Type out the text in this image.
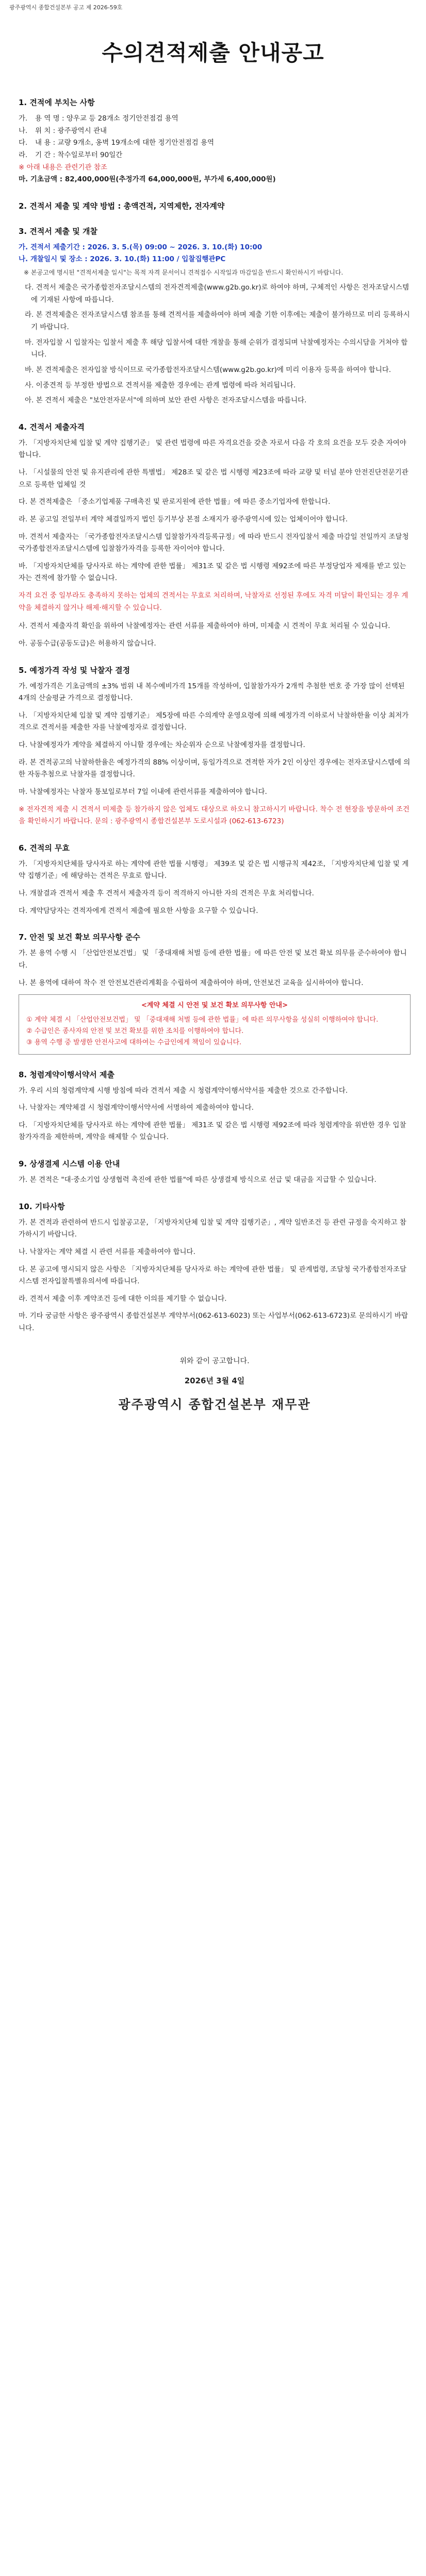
광주광역시 종합건설본부 공고 제 2026-59호
수의견적제출 안내공고
1. 견적에 부치는 사항

가. 용 역 명 : 양우교 등 28개소 정기안전점검 용역

나. 위 치 : 광주광역시 관내

다. 내 용 : 교량 9개소, 옹벽 19개소에 대한 정기안전점검 용역

라. 기 간 : 착수일로부터 90일간

※ 아래 내용은 관련기관 참조

마. 기초금액 : 82,400,000원(추정가격 64,000,000원, 부가세 6,400,000원)

2. 견적서 제출 및 계약 방법 : 총액견적, 지역제한, 전자계약
3. 견적서 제출 및 개찰

가. 견적서 제출기간 : 2026. 3. 5.(목) 09:00 ~ 2026. 3. 10.(화) 10:00

나. 개찰일시 및 장소 : 2026. 3. 10.(화) 11:00 / 입찰집행관PC

※ 본공고에 명시된 "견적서제출 일시"는 목적 자격 문서이니 견적접수 시작일과 마감일을 반드시 확인하시기 바랍니다.

다. 견적서 제출은 국가종합전자조달시스템의 전자견적제출(www.g2b.go.kr)로 하여야 하며, 구체적인 사항은 전자조달시스템에 기재된 사항에 따릅니다.

라. 본 견적제출은 전자조달시스템 참조를 통해 견적서를 제출하여야 하며 제출 기한 이후에는 제출이 불가하므로 미리 등록하시기 바랍니다.

마. 전자입찰 시 입찰자는 입찰서 제출 후 해당 입찰서에 대한 개찰을 통해 순위가 결정되며 낙찰예정자는 수의시담을 거쳐야 합니다.

바. 본 견적제출은 전자입찰 방식이므로 국가종합전자조달시스템(www.g2b.go.kr)에 미리 이용자 등록을 하여야 합니다.

사. 이중견적 등 부정한 방법으로 견적서를 제출한 경우에는 관계 법령에 따라 처리됩니다.

아. 본 견적서 제출은 "보안전자문서"에 의하며 보안 관련 사항은 전자조달시스템을 따릅니다.

4. 견적서 제출자격

가. 「지방자치단체 입찰 및 계약 집행기준」 및 관련 법령에 따른 자격요건을 갖춘 자로서 다음 각 호의 요건을 모두 갖춘 자여야 합니다.

나. 「시설물의 안전 및 유지관리에 관한 특별법」 제28조 및 같은 법 시행령 제23조에 따라 교량 및 터널 분야 안전진단전문기관으로 등록한 업체일 것

다. 본 견적제출은 「중소기업제품 구매촉진 및 판로지원에 관한 법률」에 따른 중소기업자에 한합니다.

라. 본 공고일 전일부터 계약 체결일까지 법인 등기부상 본점 소재지가 광주광역시에 있는 업체이어야 합니다.

마. 견적서 제출자는 「국가종합전자조달시스템 입찰참가자격등록규정」에 따라 반드시 전자입찰서 제출 마감일 전일까지 조달청 국가종합전자조달시스템에 입찰참가자격을 등록한 자이어야 합니다.

바. 「지방자치단체를 당사자로 하는 계약에 관한 법률」 제31조 및 같은 법 시행령 제92조에 따른 부정당업자 제재를 받고 있는 자는 견적에 참가할 수 없습니다.

자격 요건 중 일부라도 충족하지 못하는 업체의 견적서는 무효로 처리하며, 낙찰자로 선정된 후에도 자격 미달이 확인되는 경우 계약을 체결하지 않거나 해제·해지할 수 있습니다.

사. 견적서 제출자격 확인을 위하여 낙찰예정자는 관련 서류를 제출하여야 하며, 미제출 시 견적이 무효 처리될 수 있습니다.

아. 공동수급(공동도급)은 허용하지 않습니다.

5. 예정가격 작성 및 낙찰자 결정

가. 예정가격은 기초금액의 ±3% 범위 내 복수예비가격 15개를 작성하여, 입찰참가자가 2개씩 추첨한 번호 중 가장 많이 선택된 4개의 산술평균 가격으로 결정합니다.

나. 「지방자치단체 입찰 및 계약 집행기준」 제5장에 따른 수의계약 운영요령에 의해 예정가격 이하로서 낙찰하한율 이상 최저가격으로 견적서를 제출한 자를 낙찰예정자로 결정합니다.

다. 낙찰예정자가 계약을 체결하지 아니할 경우에는 차순위자 순으로 낙찰예정자를 결정합니다.

라. 본 견적공고의 낙찰하한율은 예정가격의 88% 이상이며, 동일가격으로 견적한 자가 2인 이상인 경우에는 전자조달시스템에 의한 자동추첨으로 낙찰자를 결정합니다.

마. 낙찰예정자는 낙찰자 통보일로부터 7일 이내에 관련서류를 제출하여야 합니다.

※ 전자견적 제출 시 견적서 미제출 등 참가하지 않은 업체도 대상으로 하오니 참고하시기 바랍니다. 착수 전 현장을 방문하여 조건을 확인하시기 바랍니다. 문의 : 광주광역시 종합건설본부 도로시설과 (062-613-6723)

6. 견적의 무효

가. 「지방자치단체를 당사자로 하는 계약에 관한 법률 시행령」 제39조 및 같은 법 시행규칙 제42조, 「지방자치단체 입찰 및 계약 집행기준」에 해당하는 견적은 무효로 합니다.

나. 개찰결과 견적서 제출 후 견적서 제출자격 등이 적격하지 아니한 자의 견적은 무효 처리합니다.

다. 계약담당자는 견적자에게 견적서 제출에 필요한 사항을 요구할 수 있습니다.

7. 안전 및 보건 확보 의무사항 준수

가. 본 용역 수행 시 「산업안전보건법」 및 「중대재해 처벌 등에 관한 법률」에 따른 안전 및 보건 확보 의무를 준수하여야 합니다.

나. 본 용역에 대하여 착수 전 안전보건관리계획을 수립하여 제출하여야 하며, 안전보건 교육을 실시하여야 합니다.

<계약 체결 시 안전 및 보건 확보 의무사항 안내>
① 계약 체결 시 「산업안전보건법」 및 「중대재해 처벌 등에 관한 법률」에 따른 의무사항을 성실히 이행하여야 합니다.
② 수급인은 종사자의 안전 및 보건 확보를 위한 조치를 이행하여야 합니다.
③ 용역 수행 중 발생한 안전사고에 대하여는 수급인에게 책임이 있습니다.
8. 청렴계약이행서약서 제출

가. 우리 시의 청렴계약제 시행 방침에 따라 견적서 제출 시 청렴계약이행서약서를 제출한 것으로 간주합니다.

나. 낙찰자는 계약체결 시 청렴계약이행서약서에 서명하여 제출하여야 합니다.

다. 「지방자치단체를 당사자로 하는 계약에 관한 법률」 제31조 및 같은 법 시행령 제92조에 따라 청렴계약을 위반한 경우 입찰참가자격을 제한하며, 계약을 해제할 수 있습니다.

9. 상생결제 시스템 이용 안내

가. 본 견적은 "대·중소기업 상생협력 촉진에 관한 법률"에 따른 상생결제 방식으로 선급 및 대금을 지급할 수 있습니다.

10. 기타사항

가. 본 견적과 관련하여 반드시 입찰공고문, 「지방자치단체 입찰 및 계약 집행기준」, 계약 일반조건 등 관련 규정을 숙지하고 참가하시기 바랍니다.

나. 낙찰자는 계약 체결 시 관련 서류를 제출하여야 합니다.

다. 본 공고에 명시되지 않은 사항은 「지방자치단체를 당사자로 하는 계약에 관한 법률」 및 관계법령, 조달청 국가종합전자조달시스템 전자입찰특별유의서에 따릅니다.

라. 견적서 제출 이후 계약조건 등에 대한 이의를 제기할 수 없습니다.

마. 기타 궁금한 사항은 광주광역시 종합건설본부 계약부서(062-613-6023) 또는 사업부서(062-613-6723)로 문의하시기 바랍니다.

위와 같이 공고합니다.
2026년 3월 4일
광주광역시 종합건설본부 재무관
